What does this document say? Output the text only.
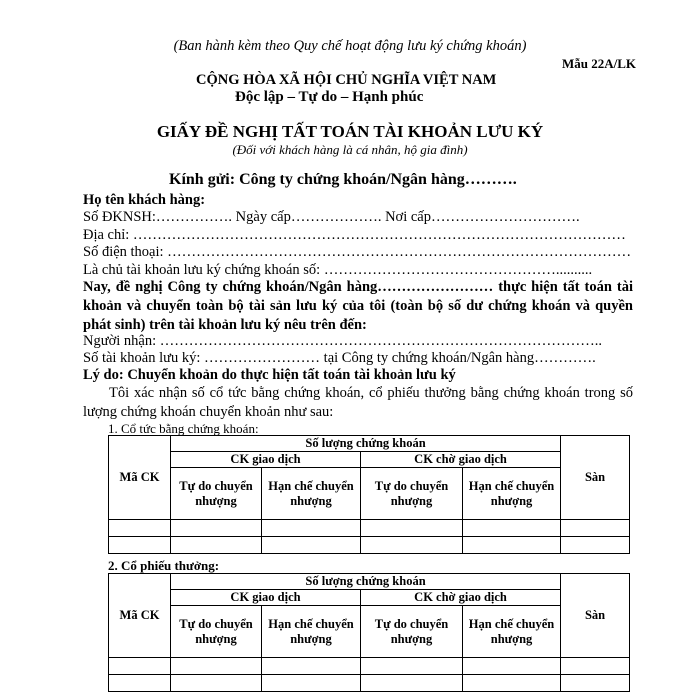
(Ban hành kèm theo Quy chế hoạt động lưu ký chứng khoán)
Mẫu 22A/LK
CỘNG HÒA XÃ HỘI CHỦ NGHĨA VIỆT NAM
Độc lập – Tự do – Hạnh phúc
GIẤY ĐỀ NGHỊ TẤT TOÁN TÀI KHOẢN LƯU KÝ
(Đối với khách hàng là cá nhân, hộ gia đình)
Kính gửi: Công ty chứng khoán/Ngân hàng……….
Họ tên khách hàng:
Số ĐKNSH:……………. Ngày cấp………………. Nơi cấp………………………….
Địa chỉ: …………………………………………………………………………………………
Số điện thoại: ……………………………………………………………………………………
Là chủ tài khoản lưu ký chứng khoán số: …………………………………………..........
Nay, đề nghị Công ty chứng khoán/Ngân hàng…………………… thực hiện tất toán tài khoản và chuyển toàn bộ tài sản lưu ký của tôi (toàn bộ số dư chứng khoán và quyền phát sinh) trên tài khoản lưu ký nêu trên đến:
Người nhận: ………………………………………………………………………………..
Số tài khoản lưu ký: …………………… tại Công ty chứng khoán/Ngân hàng………….
Lý do: Chuyển khoản do thực hiện tất toán tài khoản lưu ký
Tôi xác nhận số cổ tức bằng chứng khoán, cổ phiếu thưởng bằng chứng khoán trong số lượng chứng khoán chuyển khoản như sau:
1. Cổ tức bằng chứng khoán:
Mã CK	Số lượng chứng khoán				Sàn
	CK giao dịch		CK chờ giao dịch		
	Tự do chuyển nhượng	Hạn chế chuyển nhượng	Tự do chuyển nhượng	Hạn chế chuyển nhượng	

2. Cổ phiếu thưởng:
Mã CK	Số lượng chứng khoán				Sàn
	CK giao dịch		CK chờ giao dịch		
	Tự do chuyển nhượng	Hạn chế chuyển nhượng	Tự do chuyển nhượng	Hạn chế chuyển nhượng	
